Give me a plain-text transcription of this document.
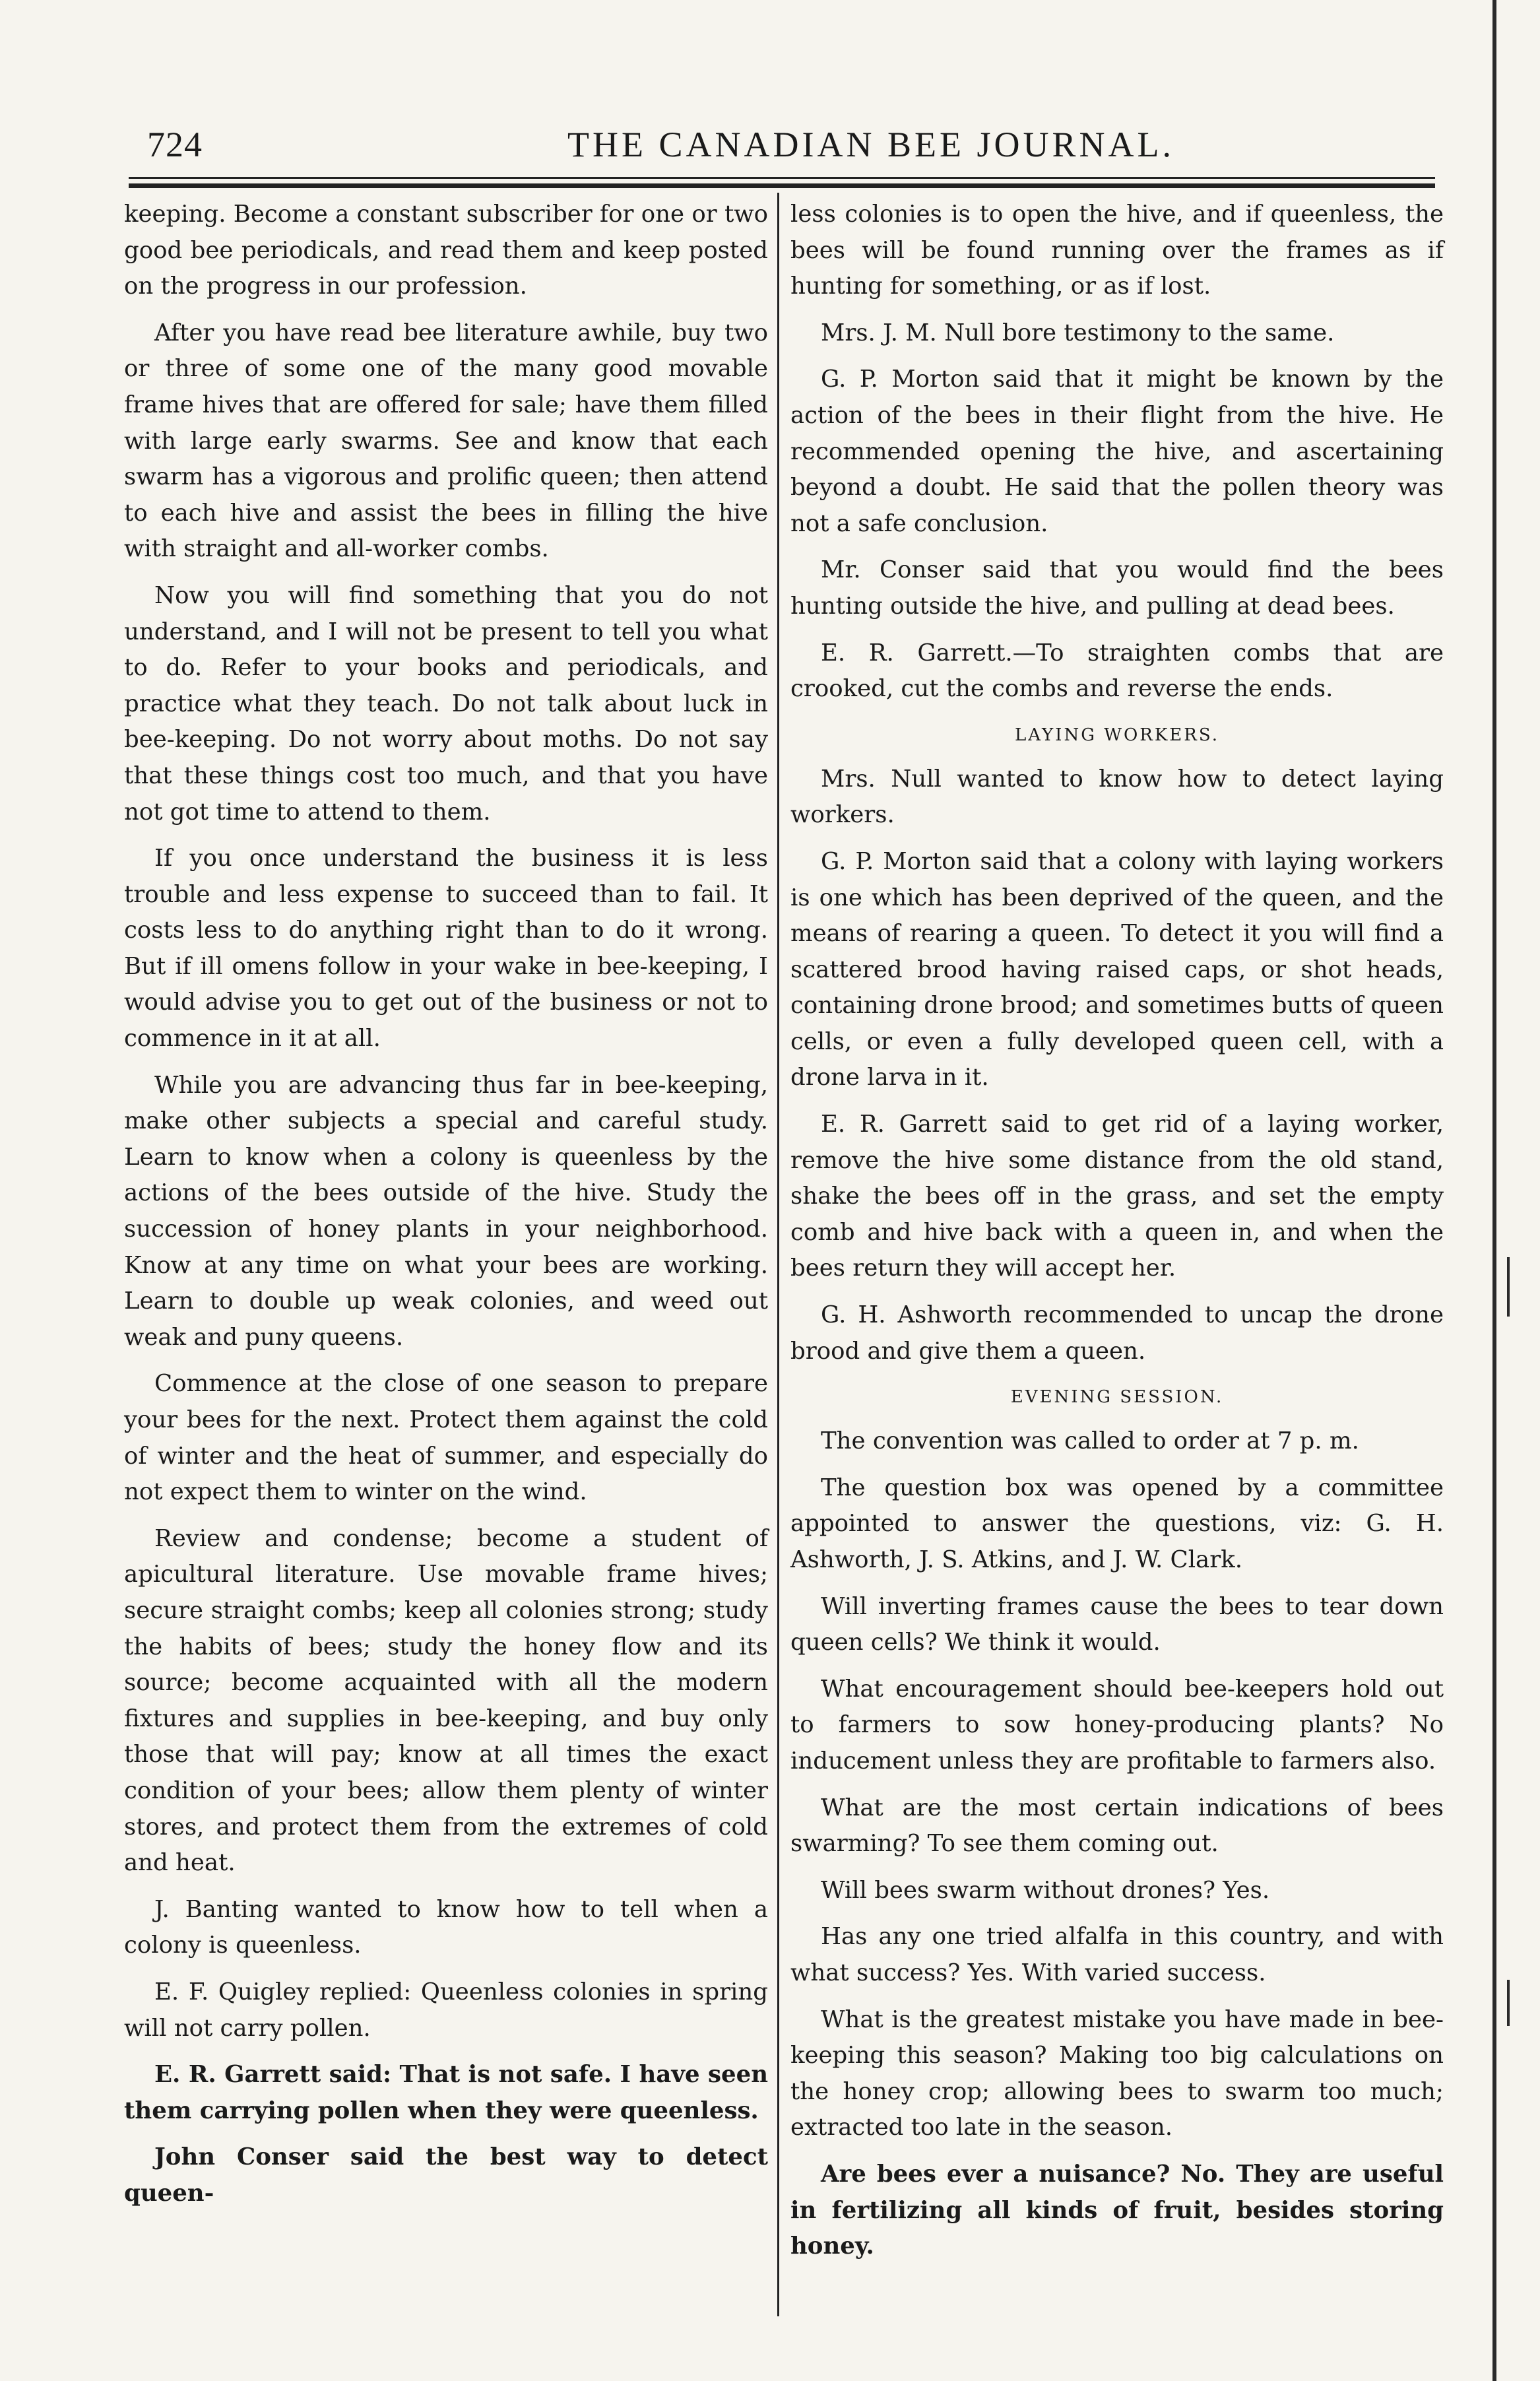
724	THE CANADIAN BEE JOURNAL.

keeping. Become a constant subscriber for one or two good bee periodicals, and read them and keep posted on the progress in our profession.

After you have read bee literature awhile, buy two or three of some one of the many good movable frame hives that are offered for sale; have them filled with large early swarms. See and know that each swarm has a vigorous and prolific queen; then attend to each hive and assist the bees in filling the hive with straight and all-worker combs.

Now you will find something that you do not understand, and I will not be present to tell you what to do. Refer to your books and periodicals, and practice what they teach. Do not talk about luck in bee-keeping. Do not worry about moths. Do not say that these things cost too much, and that you have not got time to attend to them.

If you once understand the business it is less trouble and less expense to succeed than to fail. It costs less to do anything right than to do it wrong. But if ill omens follow in your wake in bee-keeping, I would advise you to get out of the business or not to commence in it at all.

While you are advancing thus far in bee-keeping, make other subjects a special and careful study. Learn to know when a colony is queenless by the actions of the bees outside of the hive. Study the succession of honey plants in your neighborhood. Know at any time on what your bees are working. Learn to double up weak colonies, and weed out weak and puny queens.

Commence at the close of one season to prepare your bees for the next. Protect them against the cold of winter and the heat of summer, and especially do not expect them to winter on the wind.

Review and condense; become a student of apicultural literature. Use movable frame hives; secure straight combs; keep all colonies strong; study the habits of bees; study the honey flow and its source; become acquainted with all the modern fixtures and supplies in bee-keeping, and buy only those that will pay; know at all times the exact condition of your bees; allow them plenty of winter stores, and protect them from the extremes of cold and heat.

J. Banting wanted to know how to tell when a colony is queenless.

E. F. Quigley replied: Queenless colonies in spring will not carry pollen.

E. R. Garrett said: That is not safe. I have seen them carrying pollen when they were queenless.

John Conser said the best way to detect queen-

less colonies is to open the hive, and if queenless, the bees will be found running over the frames as if hunting for something, or as if lost.

Mrs. J. M. Null bore testimony to the same.

G. P. Morton said that it might be known by the action of the bees in their flight from the hive. He recommended opening the hive, and ascertaining beyond a doubt. He said that the pollen theory was not a safe conclusion.

Mr. Conser said that you would find the bees hunting outside the hive, and pulling at dead bees.

E. R. Garrett.—To straighten combs that are crooked, cut the combs and reverse the ends.

LAYING WORKERS.

Mrs. Null wanted to know how to detect laying workers.

G. P. Morton said that a colony with laying workers is one which has been deprived of the queen, and the means of rearing a queen. To detect it you will find a scattered brood having raised caps, or shot heads, containing drone brood; and sometimes butts of queen cells, or even a fully developed queen cell, with a drone larva in it.

E. R. Garrett said to get rid of a laying worker, remove the hive some distance from the old stand, shake the bees off in the grass, and set the empty comb and hive back with a queen in, and when the bees return they will accept her.

G. H. Ashworth recommended to uncap the drone brood and give them a queen.

EVENING SESSION.

The convention was called to order at 7 p. m.

The question box was opened by a committee appointed to answer the questions, viz: G. H. Ashworth, J. S. Atkins, and J. W. Clark.

Will inverting frames cause the bees to tear down queen cells? We think it would.

What encouragement should bee-keepers hold out to farmers to sow honey-producing plants? No inducement unless they are profitable to farmers also.

What are the most certain indications of bees swarming? To see them coming out.

Will bees swarm without drones? Yes.

Has any one tried alfalfa in this country, and with what success? Yes. With varied success.

What is the greatest mistake you have made in bee-keeping this season? Making too big calculations on the honey crop; allowing bees to swarm too much; extracted too late in the season.

Are bees ever a nuisance? No. They are useful in fertilizing all kinds of fruit, besides storing honey.
